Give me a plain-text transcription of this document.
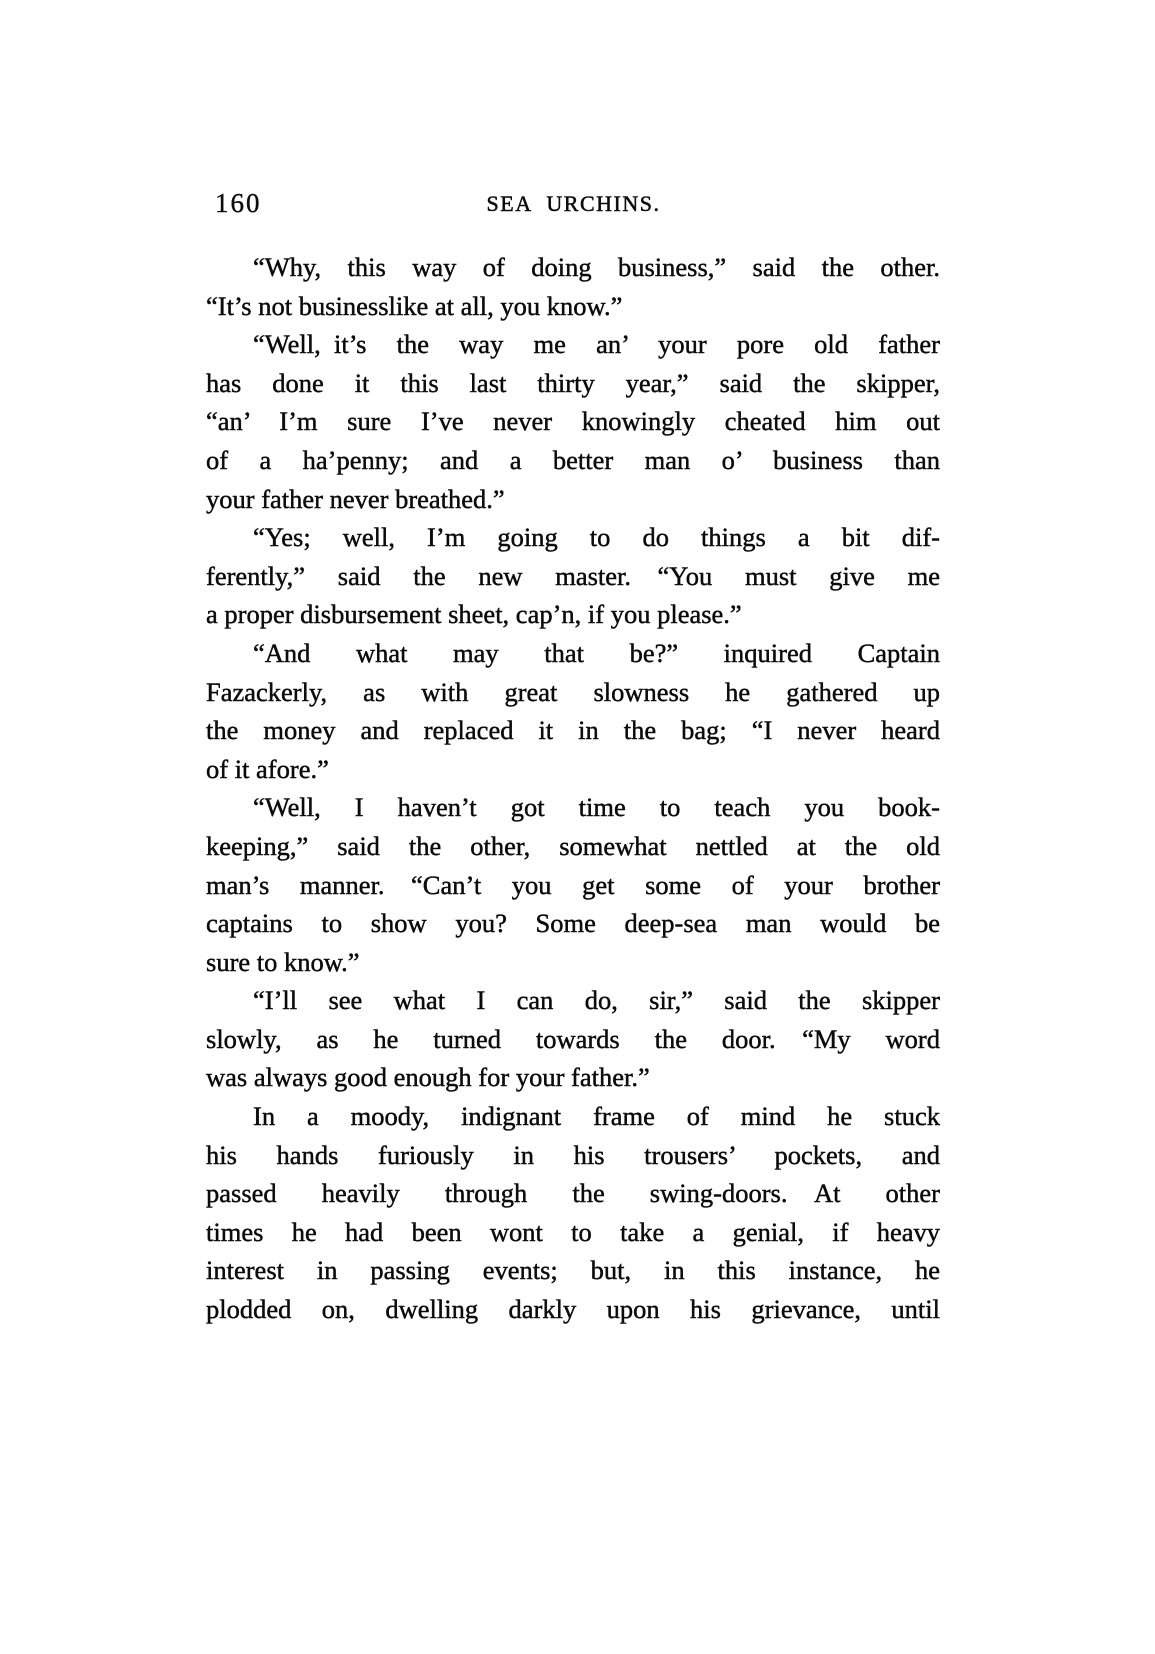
160	SEA URCHINS.
“Why, this way of doing business,” said the other.
“It’s not businesslike at all, you know.”
“Well, it’s the way me an’ your pore old father
has done it this last thirty year,” said the skipper,
“an’ I’m sure I’ve never knowingly cheated him out
of a ha’penny; and a better man o’ business than
your father never breathed.”
“Yes; well, I’m going to do things a bit dif-
ferently,” said the new master. “You must give me
a proper disbursement sheet, cap’n, if you please.”
“And what may that be?” inquired Captain
Fazackerly, as with great slowness he gathered up
the money and replaced it in the bag; “I never heard
of it afore.”
“Well, I haven’t got time to teach you book-
keeping,” said the other, somewhat nettled at the old
man’s manner. “Can’t you get some of your brother
captains to show you? Some deep-sea man would be
sure to know.”
“I’ll see what I can do, sir,” said the skipper
slowly, as he turned towards the door. “My word
was always good enough for your father.”
In a moody, indignant frame of mind he stuck
his hands furiously in his trousers’ pockets, and
passed heavily through the swing-doors. At other
times he had been wont to take a genial, if heavy
interest in passing events; but, in this instance, he
plodded on, dwelling darkly upon his grievance, until
